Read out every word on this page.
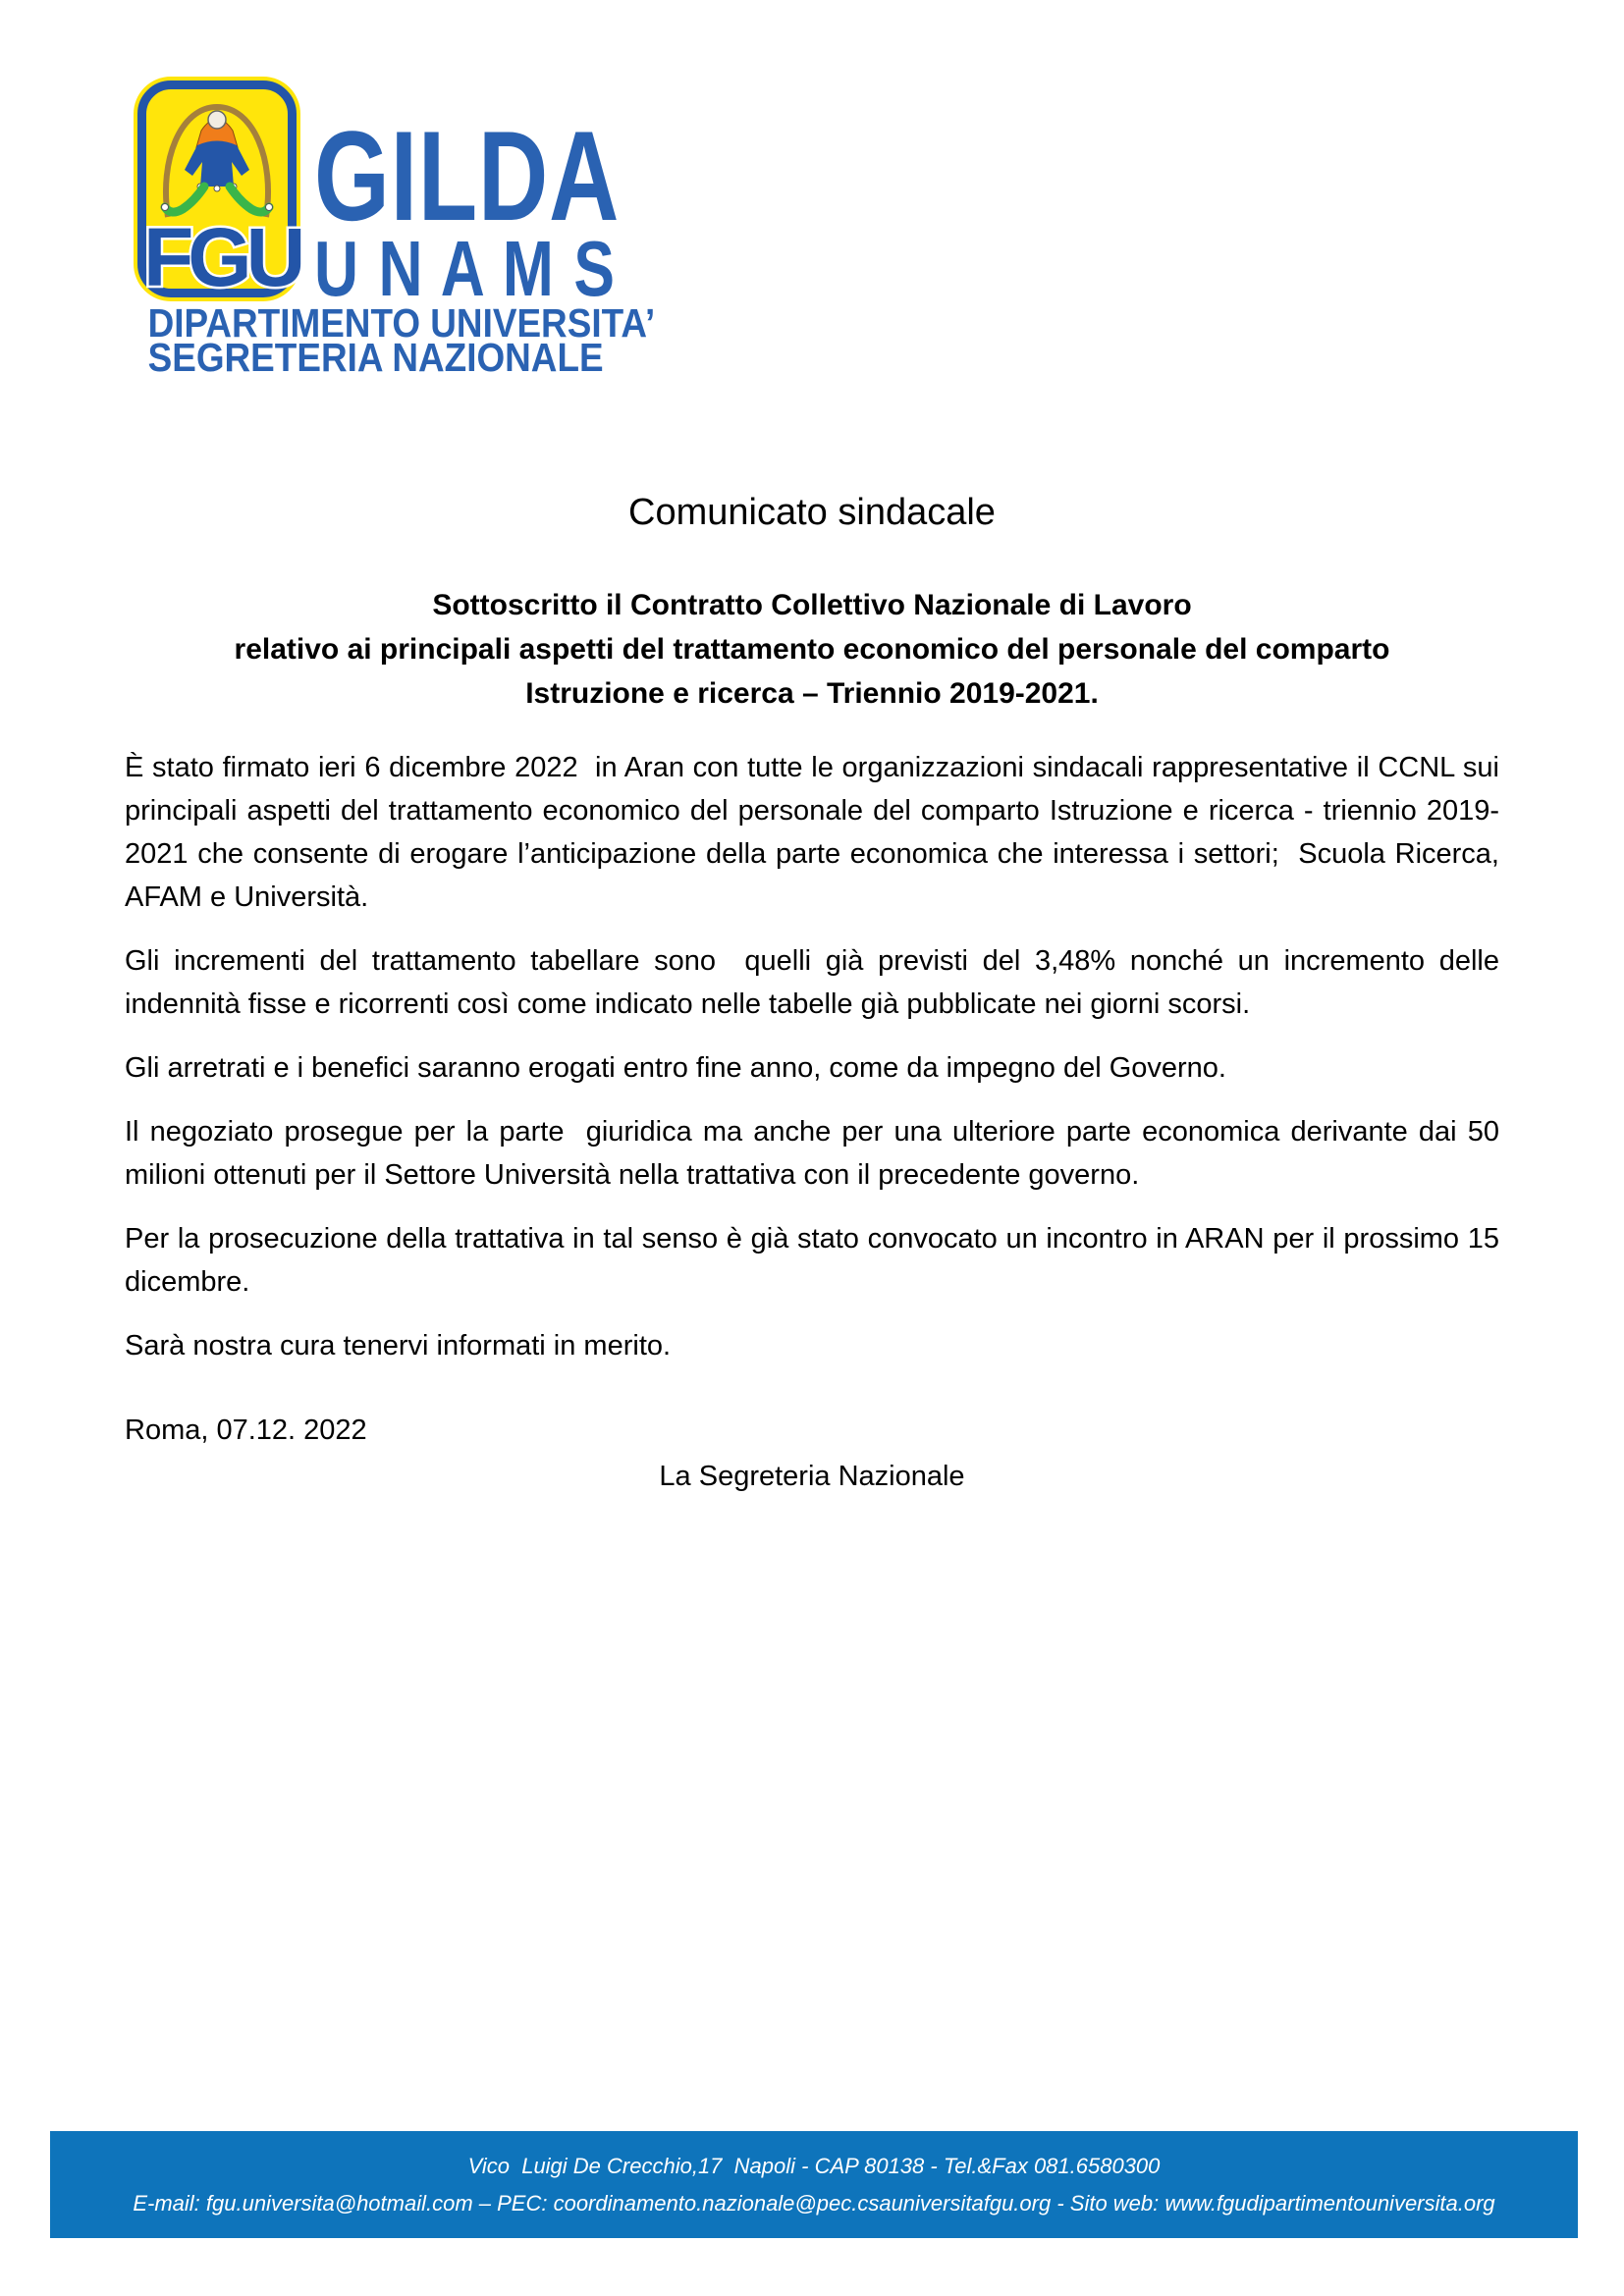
FGU
GILDA
U N A M S
DIPARTIMENTO UNIVERSITA’
SEGRETERIA NAZIONALE
Comunicato sindacale
Sottoscritto il Contratto Collettivo Nazionale di Lavoro
relativo ai principali aspetti del trattamento economico del personale del comparto
Istruzione e ricerca – Triennio 2019-2021.

È stato firmato ieri 6 dicembre 2022  in Aran con tutte le organizzazioni sindacali rappresentative il CCNL sui principali aspetti del trattamento economico del personale del comparto Istruzione e ricerca - triennio 2019-2021 che consente di erogare l’anticipazione della parte economica che interessa i settori;  Scuola Ricerca, AFAM e Università.

Gli incrementi del trattamento tabellare sono  quelli già previsti del 3,48% nonché un incremento delle indennità fisse e ricorrenti così come indicato nelle tabelle già pubblicate nei giorni scorsi.

Gli arretrati e i benefici saranno erogati entro fine anno, come da impegno del Governo.

Il negoziato prosegue per la parte  giuridica ma anche per una ulteriore parte economica derivante dai 50 milioni ottenuti per il Settore Università nella trattativa con il precedente governo.

Per la prosecuzione della trattativa in tal senso è già stato convocato un incontro in ARAN per il prossimo 15 dicembre.

Sarà nostra cura tenervi informati in merito.

Roma, 07.12. 2022
La Segreteria Nazionale
Vico  Luigi De Crecchio,17  Napoli - CAP 80138 - Tel.&Fax 081.6580300
E-mail: fgu.universita@hotmail.com – PEC: coordinamento.nazionale@pec.csauniversitafgu.org - Sito web: www.fgudipartimentouniversita.org
